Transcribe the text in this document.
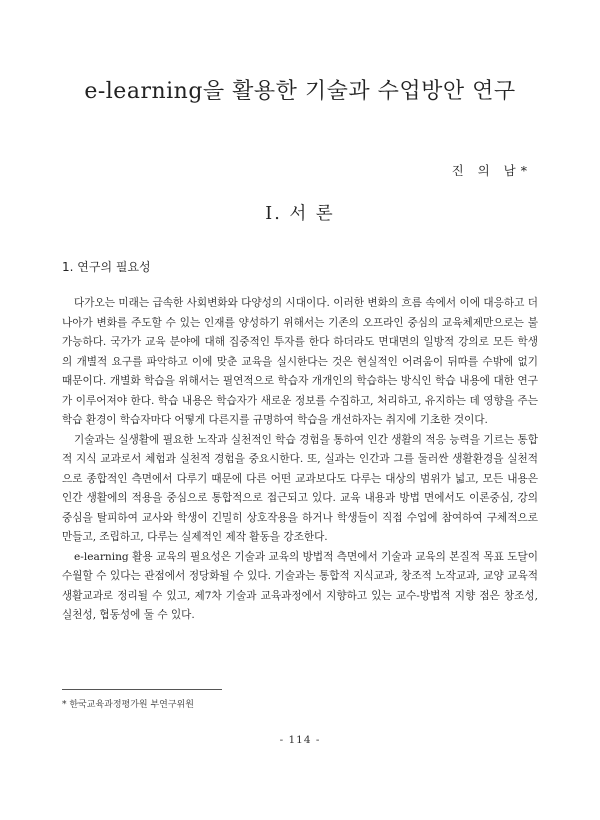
e-learning을 활용한 기술과 수업방안 연구
진 의 남*
Ⅰ. 서 론
1. 연구의 필요성

다가오는 미래는 급속한 사회변화와 다양성의 시대이다. 이러한 변화의 흐름 속에서 이에 대응하고 더 나아가 변화를 주도할 수 있는 인재를 양성하기 위해서는 기존의 오프라인 중심의 교육체제만으로는 불가능하다. 국가가 교육 분야에 대해 집중적인 투자를 한다 하더라도 면대면의 일방적 강의로 모든 학생의 개별적 요구를 파악하고 이에 맞춘 교육을 실시한다는 것은 현실적인 어려움이 뒤따를 수밖에 없기 때문이다. 개별화 학습을 위해서는 필연적으로 학습자 개개인의 학습하는 방식인 학습 내용에 대한 연구가 이루어져야 한다. 학습 내용은 학습자가 새로운 정보를 수집하고, 처리하고, 유지하는 데 영향을 주는 학습 환경이 학습자마다 어떻게 다른지를 규명하여 학습을 개선하자는 취지에 기초한 것이다.

기술과는 실생활에 필요한 노작과 실천적인 학습 경험을 통하여 인간 생활의 적응 능력을 기르는 통합적 지식 교과로서 체험과 실천적 경험을 중요시한다. 또, 실과는 인간과 그를 둘러싼 생활환경을 실천적으로 종합적인 측면에서 다루기 때문에 다른 어떤 교과보다도 다루는 대상의 범위가 넓고, 모든 내용은 인간 생활에의 적용을 중심으로 통합적으로 접근되고 있다. 교육 내용과 방법 면에서도 이론중심, 강의중심을 탈피하여 교사와 학생이 긴밀히 상호작용을 하거나 학생들이 직접 수업에 참여하여 구체적으로 만들고, 조립하고, 다루는 실제적인 제작 활동을 강조한다.

e-learning 활용 교육의 필요성은 기술과 교육의 방법적 측면에서 기술과 교육의 본질적 목표 도달이 수월할 수 있다는 관점에서 정당화될 수 있다. 기술과는 통합적 지식교과, 창조적 노작교과, 교양 교육적 생활교과로 정리될 수 있고, 제7차 기술과 교육과정에서 지향하고 있는 교수-방법적 지향 점은 창조성, 실천성, 협동성에 둘 수 있다.

* 한국교육과정평가원 부연구위원
- 114 -
